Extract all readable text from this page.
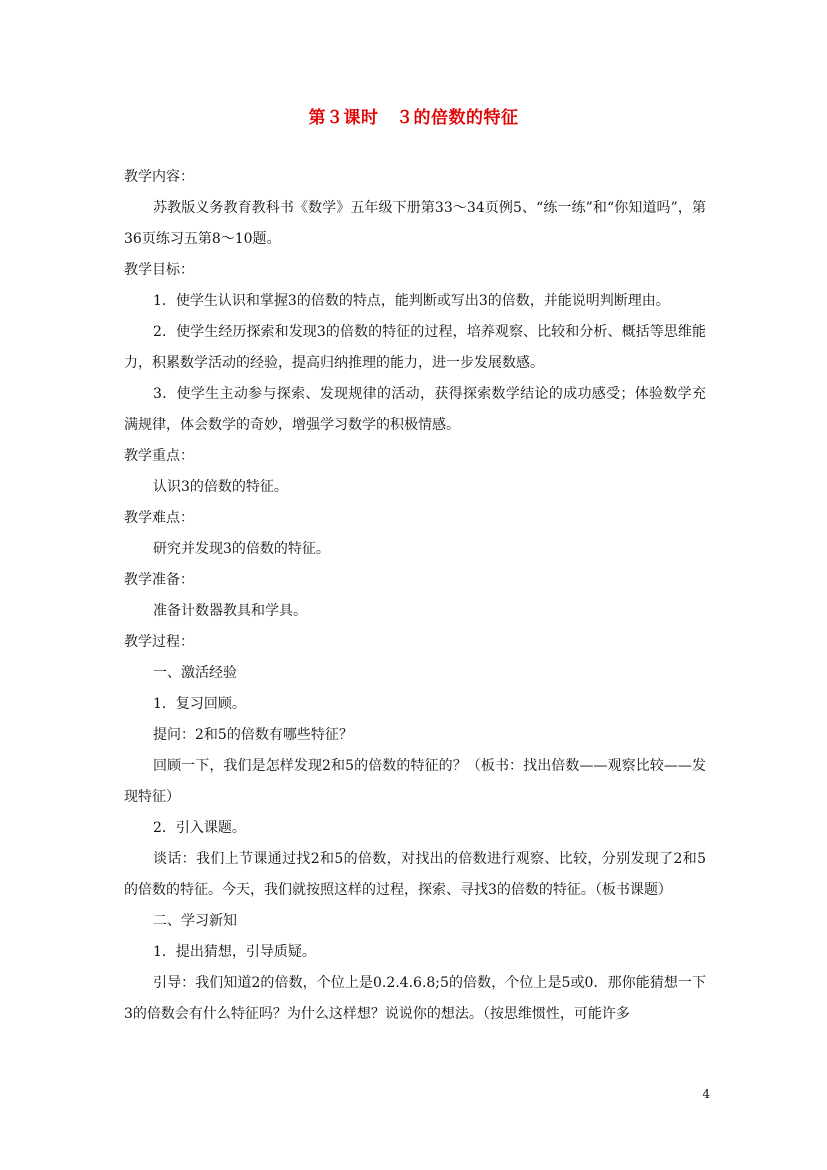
第３课时　３的倍数的特征

教学内容：

苏教版义务教育教科书《数学》五年级下册第33～34页例5、“练一练”和“你知道吗”，第36页练习五第8～10题。

教学目标：

1．使学生认识和掌握3的倍数的特点，能判断或写出3的倍数，并能说明判断理由。

2．使学生经历探索和发现3的倍数的特征的过程，培养观察、比较和分析、概括等思维能力，积累数学活动的经验，提高归纳推理的能力，进一步发展数感。

3．使学生主动参与探索、发现规律的活动，获得探索数学结论的成功感受；体验数学充满规律，体会数学的奇妙，增强学习数学的积极情感。

教学重点：

认识3的倍数的特征。

教学难点：

研究并发现3的倍数的特征。

教学准备：

准备计数器教具和学具。

教学过程：

一、激活经验

1．复习回顾。

提问：2和5的倍数有哪些特征？

回顾一下，我们是怎样发现2和5的倍数的特征的？（板书：找出倍数——观察比较——发现特征）

2．引入课题。

谈话：我们上节课通过找2和5的倍数，对找出的倍数进行观察、比较，分别发现了2和5的倍数的特征。今天，我们就按照这样的过程，探索、寻找3的倍数的特征。（板书课题）

二、学习新知

1．提出猜想，引导质疑。

引导：我们知道2的倍数，个位上是0.2.4.6.8;5的倍数，个位上是5或0．那你能猜想一下3的倍数会有什么特征吗？为什么这样想？说说你的想法。（按思维惯性，可能许多

4
